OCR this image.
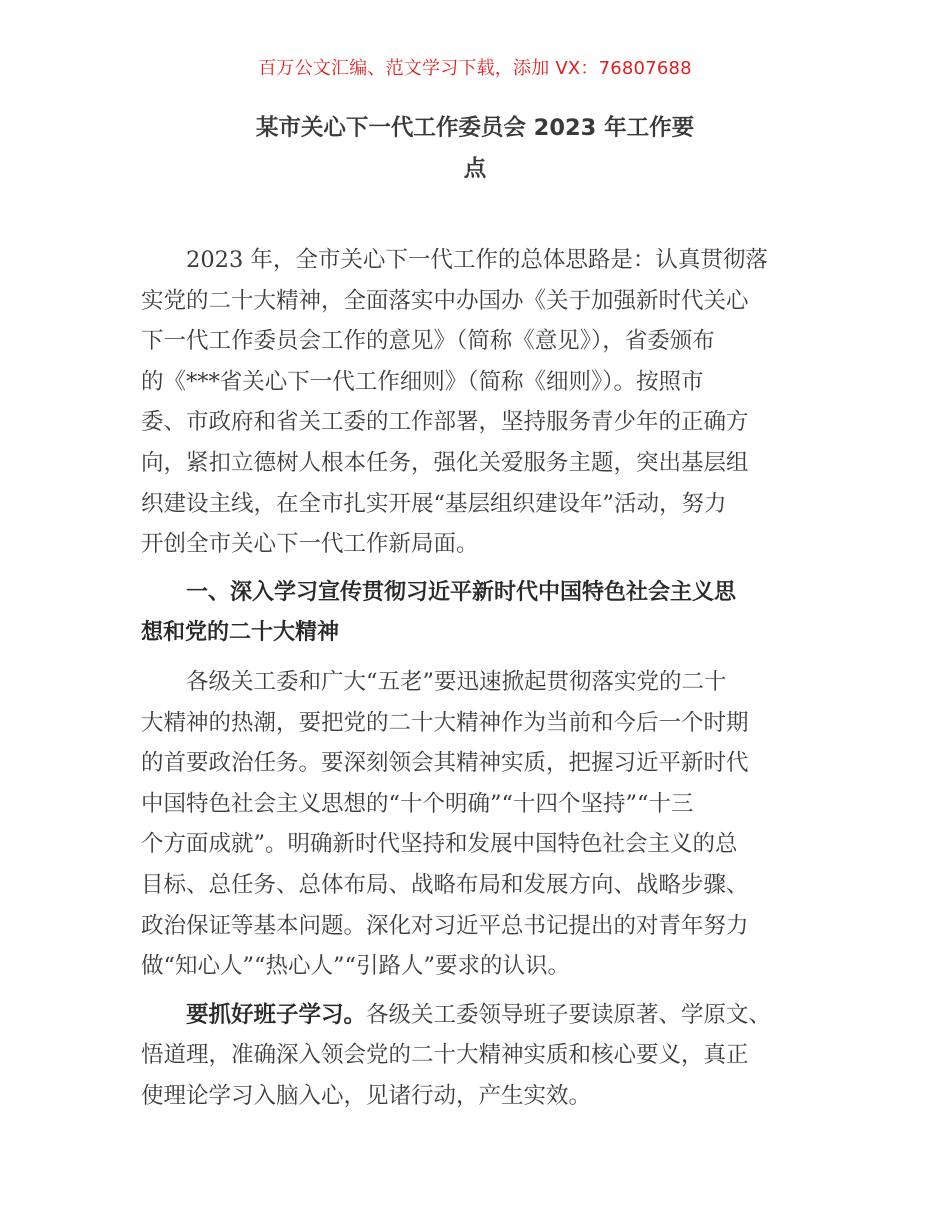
百万公文汇编、范文学习下载，添加 VX：76807688
某市关心下一代工作委员会 2023 年工作要
点
2023 年，全市关心下一代工作的总体思路是：认真贯彻落
实党的二十大精神，全面落实中办国办《关于加强新时代关心
下一代工作委员会工作的意见》（简称《意见》），省委颁布
的《***省关心下一代工作细则》（简称《细则》）。按照市
委、市政府和省关工委的工作部署，坚持服务青少年的正确方
向，紧扣立德树人根本任务，强化关爱服务主题，突出基层组
织建设主线，在全市扎实开展“基层组织建设年”活动，努力
开创全市关心下一代工作新局面。
一、深入学习宣传贯彻习近平新时代中国特色社会主义思
想和党的二十大精神
各级关工委和广大“五老”要迅速掀起贯彻落实党的二十
大精神的热潮，要把党的二十大精神作为当前和今后一个时期
的首要政治任务。要深刻领会其精神实质，把握习近平新时代
中国特色社会主义思想的“十个明确”“十四个坚持”“十三
个方面成就”。明确新时代坚持和发展中国特色社会主义的总
目标、总任务、总体布局、战略布局和发展方向、战略步骤、
政治保证等基本问题。深化对习近平总书记提出的对青年努力
做“知心人”“热心人”“引路人”要求的认识。
要抓好班子学习。各级关工委领导班子要读原著、学原文、
悟道理，准确深入领会党的二十大精神实质和核心要义，真正
使理论学习入脑入心，见诸行动，产生实效。
